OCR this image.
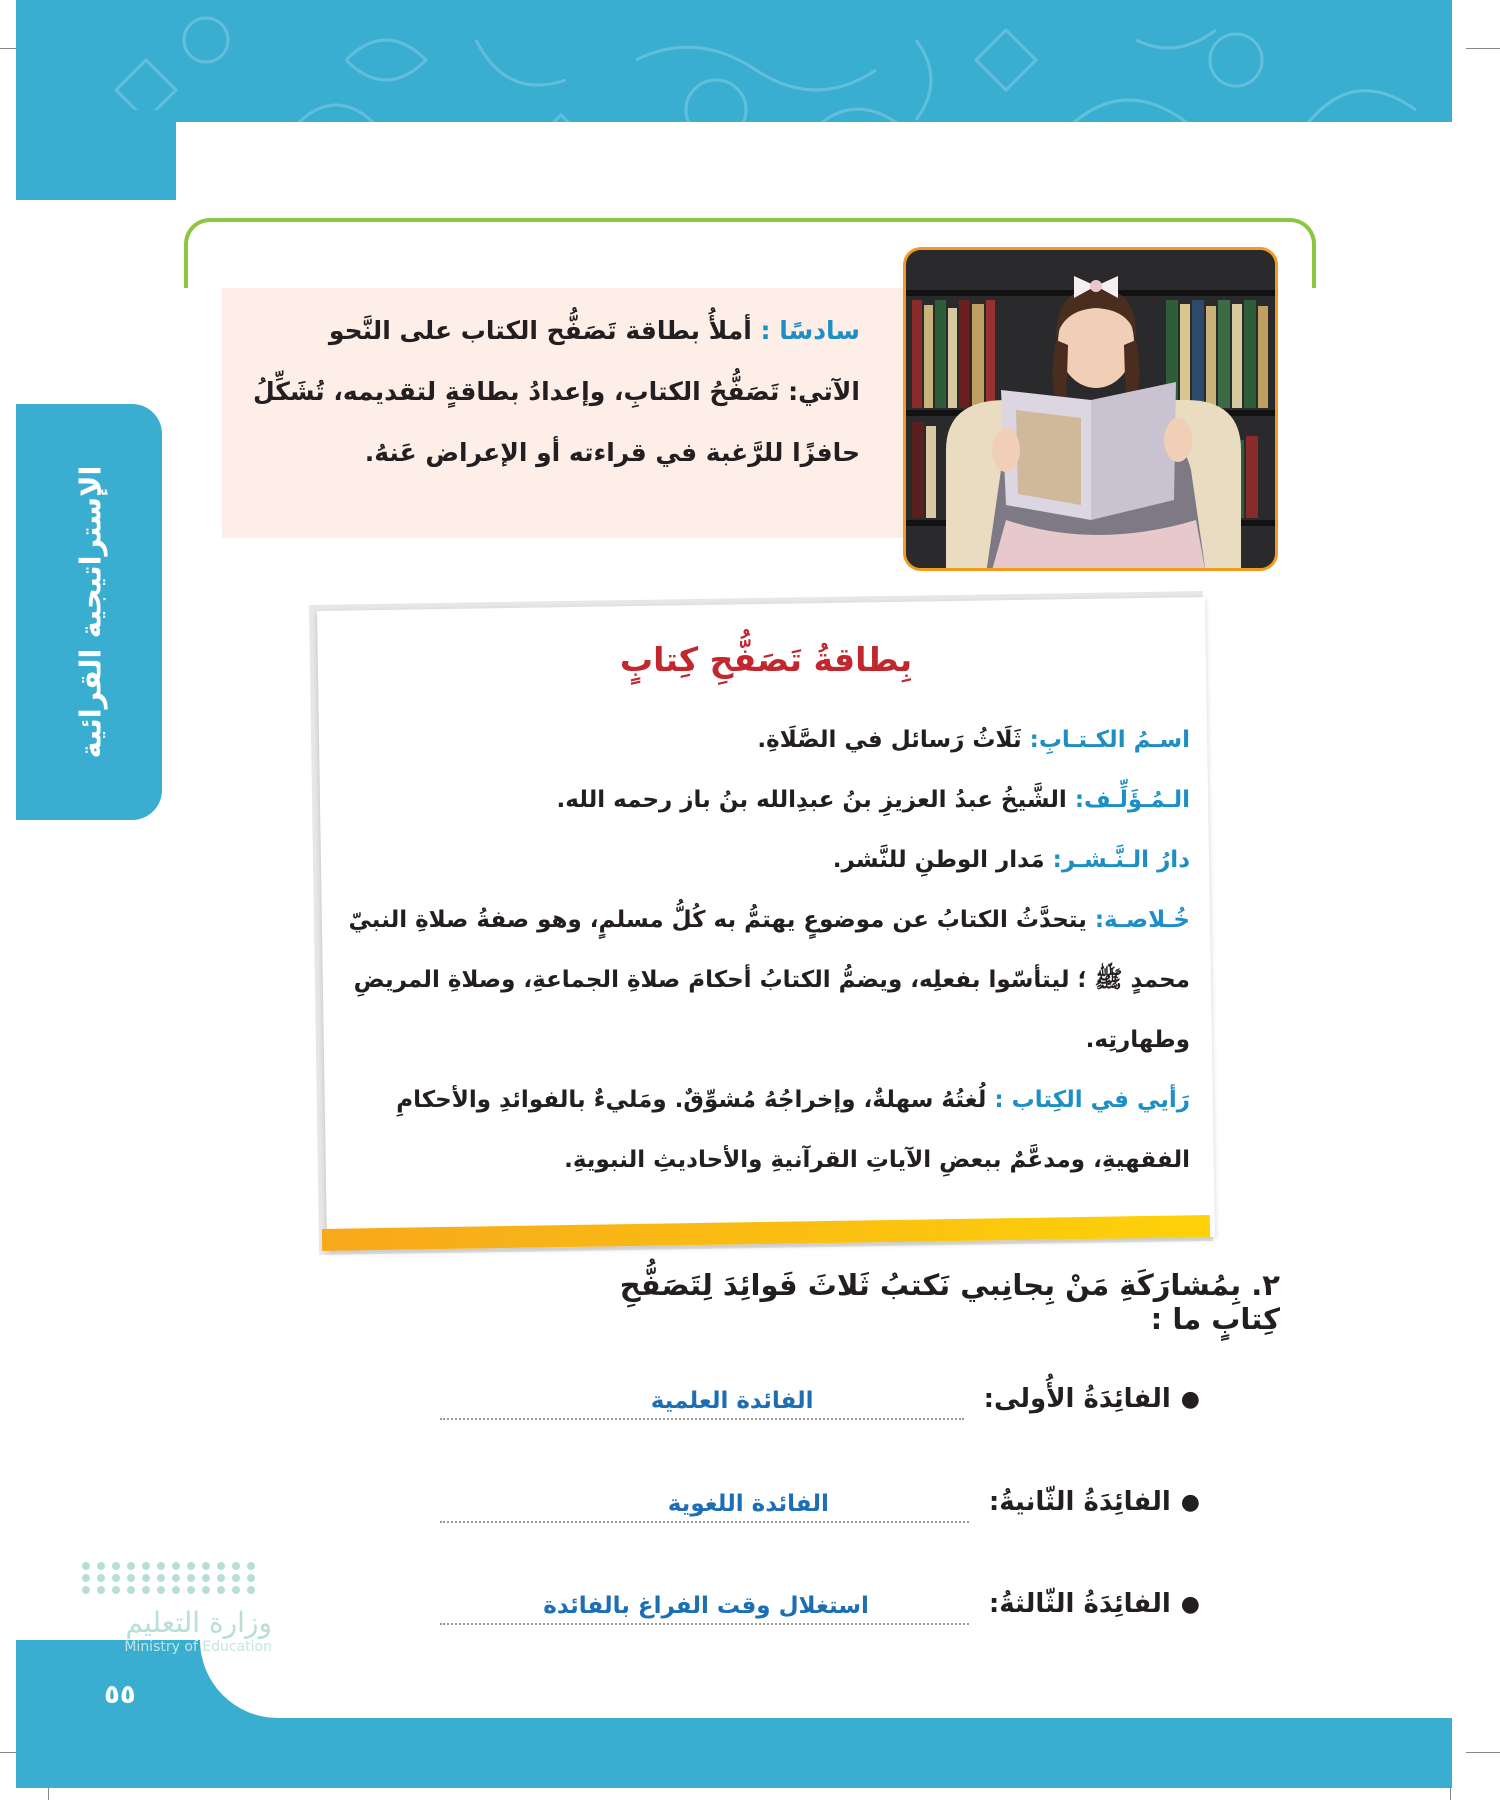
الإستراتيجية القرائية
سادسًا : أملأُ بطاقة تَصَفُّح الكتاب على النَّحو الآتي: تَصَفُّحُ الكتابِ، وإعدادُ بطاقةٍ لتقديمه، تُشَكِّلُ حافزًا للرَّغبة في قراءته أو الإعراض عَنهُ.
بِطاقةُ تَصَفُّحِ كِتابٍ
اسـمُ الكـتـابِ: ثَلَاثُ رَسائل في الصَّلَاةِ.
الـمُـؤَلِّـف: الشَّيخُ عبدُ العزيزِ بنُ عبدِالله بنُ باز رحمه الله.
دارُ الـنَّـشـر: مَدار الوطنِ للنَّشر.
خُـلاصـة: يتحدَّثُ الكتابُ عن موضوعٍ يهتمُّ به كُلُّ مسلمٍ، وهو صفةُ صلاةِ النبيّ محمدٍ ﷺ ؛ ليتأسّوا بفعلِه، ويضمُّ الكتابُ أحكامَ صلاةِ الجماعةِ، وصلاةِ المريضِ وطهارتِه.
رَأيي في الكِتاب : لُغتُهُ سهلةٌ، وإخراجُهُ مُشوِّقٌ. ومَليءٌ بالفوائدِ والأحكامِ الفقهيةِ، ومدعَّمٌ ببعضِ الآياتِ القرآنيةِ والأحاديثِ النبويةِ.
٢. بِمُشارَكَةِ مَنْ بِجانِبي نَكتبُ ثَلاثَ فَوائِدَ لِتَصَفُّحِ كِتابٍ ما :
●
الفائِدَةُ الأُولى:
الفائدة العلمية
●
الفائِدَةُ الثّانيةُ:
الفائدة اللغوية
●
الفائِدَةُ الثّالثةُ:
استغلال وقت الفراغ بالفائدة
وزارة التعليم
Ministry of Education
٥٥
